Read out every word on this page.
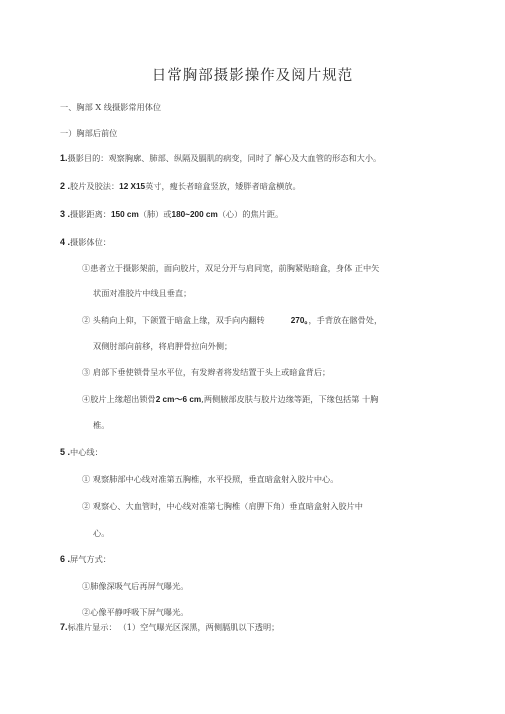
日常胸部摄影操作及阅片规范
一、胸部 X 线摄影常用体位
一）胸部后前位
1.摄影目的：观察胸廓、肺部、纵隔及膈肌的病变，同时了 解心及大血管的形态和大小。
2 .胶片及胶法：12 X15英寸，瘦长者暗盒竖放，矮胖者暗盒横放。
3 .摄影距离：150 cm（肺）或180~200 cm（心）的焦片距。
4 .摄影体位：
①患者立于摄影架前，面向胶片，双足分开与肩同宽，前胸紧贴暗盒，身体 正中矢
状面对准胶片中线且垂直；
② 头稍向上仰，下颌置于暗盒上缘，双手向内翻转	270。，手背放在髂骨处，
双侧肘部向前移，将肩胛骨拉向外侧；
③ 肩部下垂使锁骨呈水平位，有发辫者将发结置于头上或暗盒背后；
④胶片上缘超出锁骨2 cm～6 cm,两侧腋部皮肤与胶片边缘等距，下缘包括第 十胸
椎。
5 .中心线：
① 观察肺部中心线对准第五胸椎，水平投照，垂直暗盒射入胶片中心。
② 观察心、大血管时，中心线对准第七胸椎（肩胛下角）垂直暗盒射入胶片中
心。
6 .屏气方式：
①肺像深吸气后再屏气曝光。
②心像平静呼吸下屏气曝光。
7.标准片显示： （1）空气曝光区深黑，两侧膈肌以下透明；
